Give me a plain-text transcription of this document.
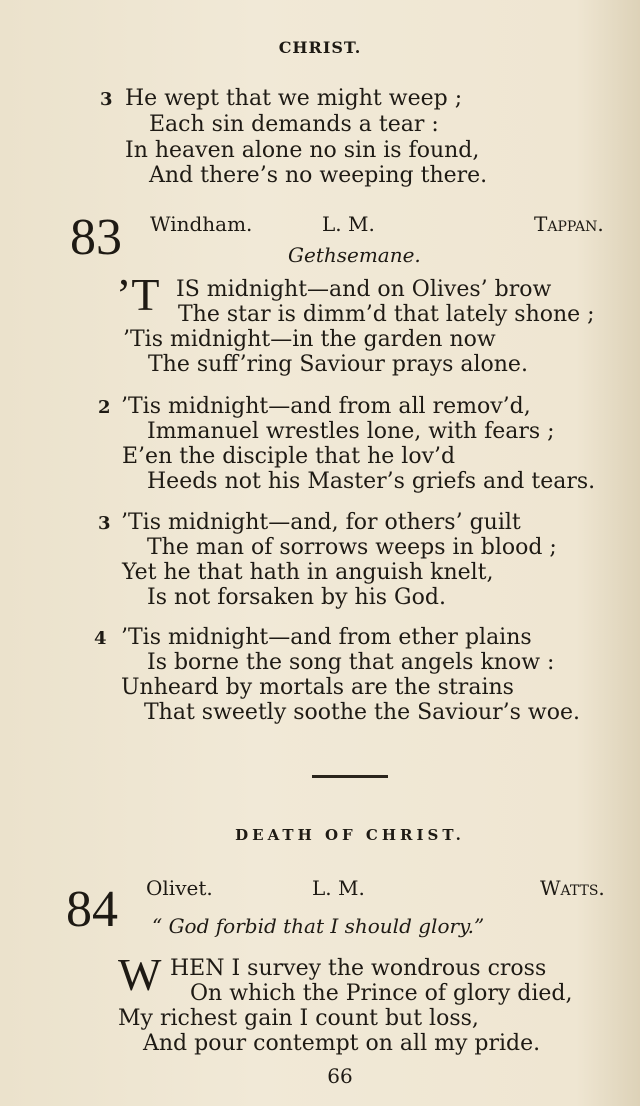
CHRIST.
3 He wept that we might weep ;
Each sin demands a tear :
In heaven alone no sin is found,
And there’s no weeping there.
83 Windham.	L. M.	Tappan.
Gethsemane.
’T IS midnight—and on Olives’ brow
The star is dimm’d that lately shone ;
’Tis midnight—in the garden now
The suff’ring Saviour prays alone.
2 ’Tis midnight—and from all remov’d,
Immanuel wrestles lone, with fears ;
E’en the disciple that he lov’d
Heeds not his Master’s griefs and tears.
3 ’Tis midnight—and, for others’ guilt
The man of sorrows weeps in blood ;
Yet he that hath in anguish knelt,
Is not forsaken by his God.
4 ’Tis midnight—and from ether plains
Is borne the song that angels know :
Unheard by mortals are the strains
That sweetly soothe the Saviour’s woe.
DEATH OF CHRIST.
84 Olivet.	L. M.	Watts.
“ God forbid that I should glory.”
W HEN I survey the wondrous cross
On which the Prince of glory died,
My richest gain I count but loss,
And pour contempt on all my pride.
66
